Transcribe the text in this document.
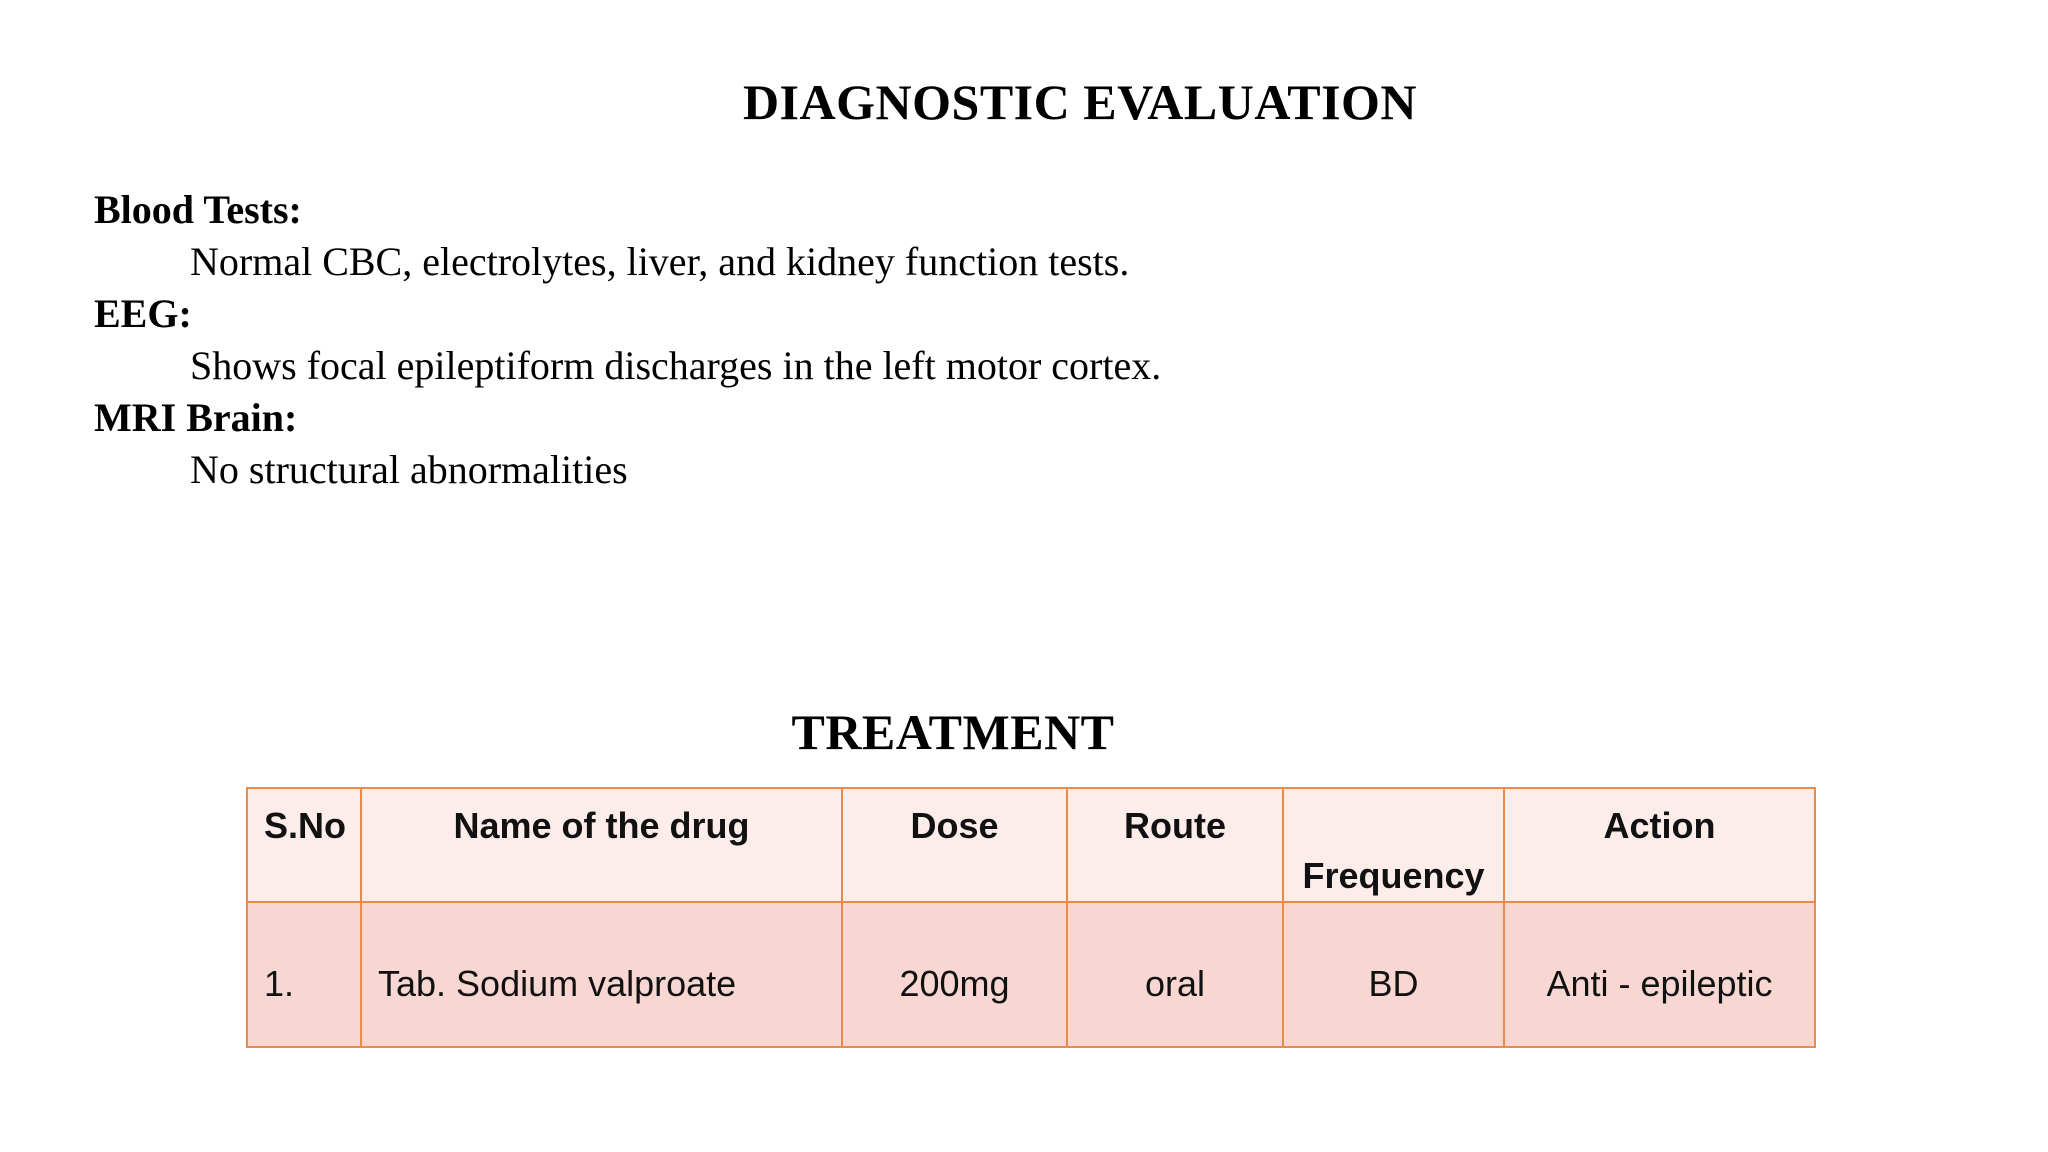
DIAGNOSTIC EVALUATION
Blood Tests:
Normal CBC, electrolytes, liver, and kidney function tests.
EEG:
Shows focal epileptiform discharges in the left motor cortex.
MRI Brain:
No structural abnormalities
TREATMENT
S.No	Name of the drug	Dose	Route	Frequency	Action
1.	Tab. Sodium valproate	200mg	oral	BD	Anti - epileptic
